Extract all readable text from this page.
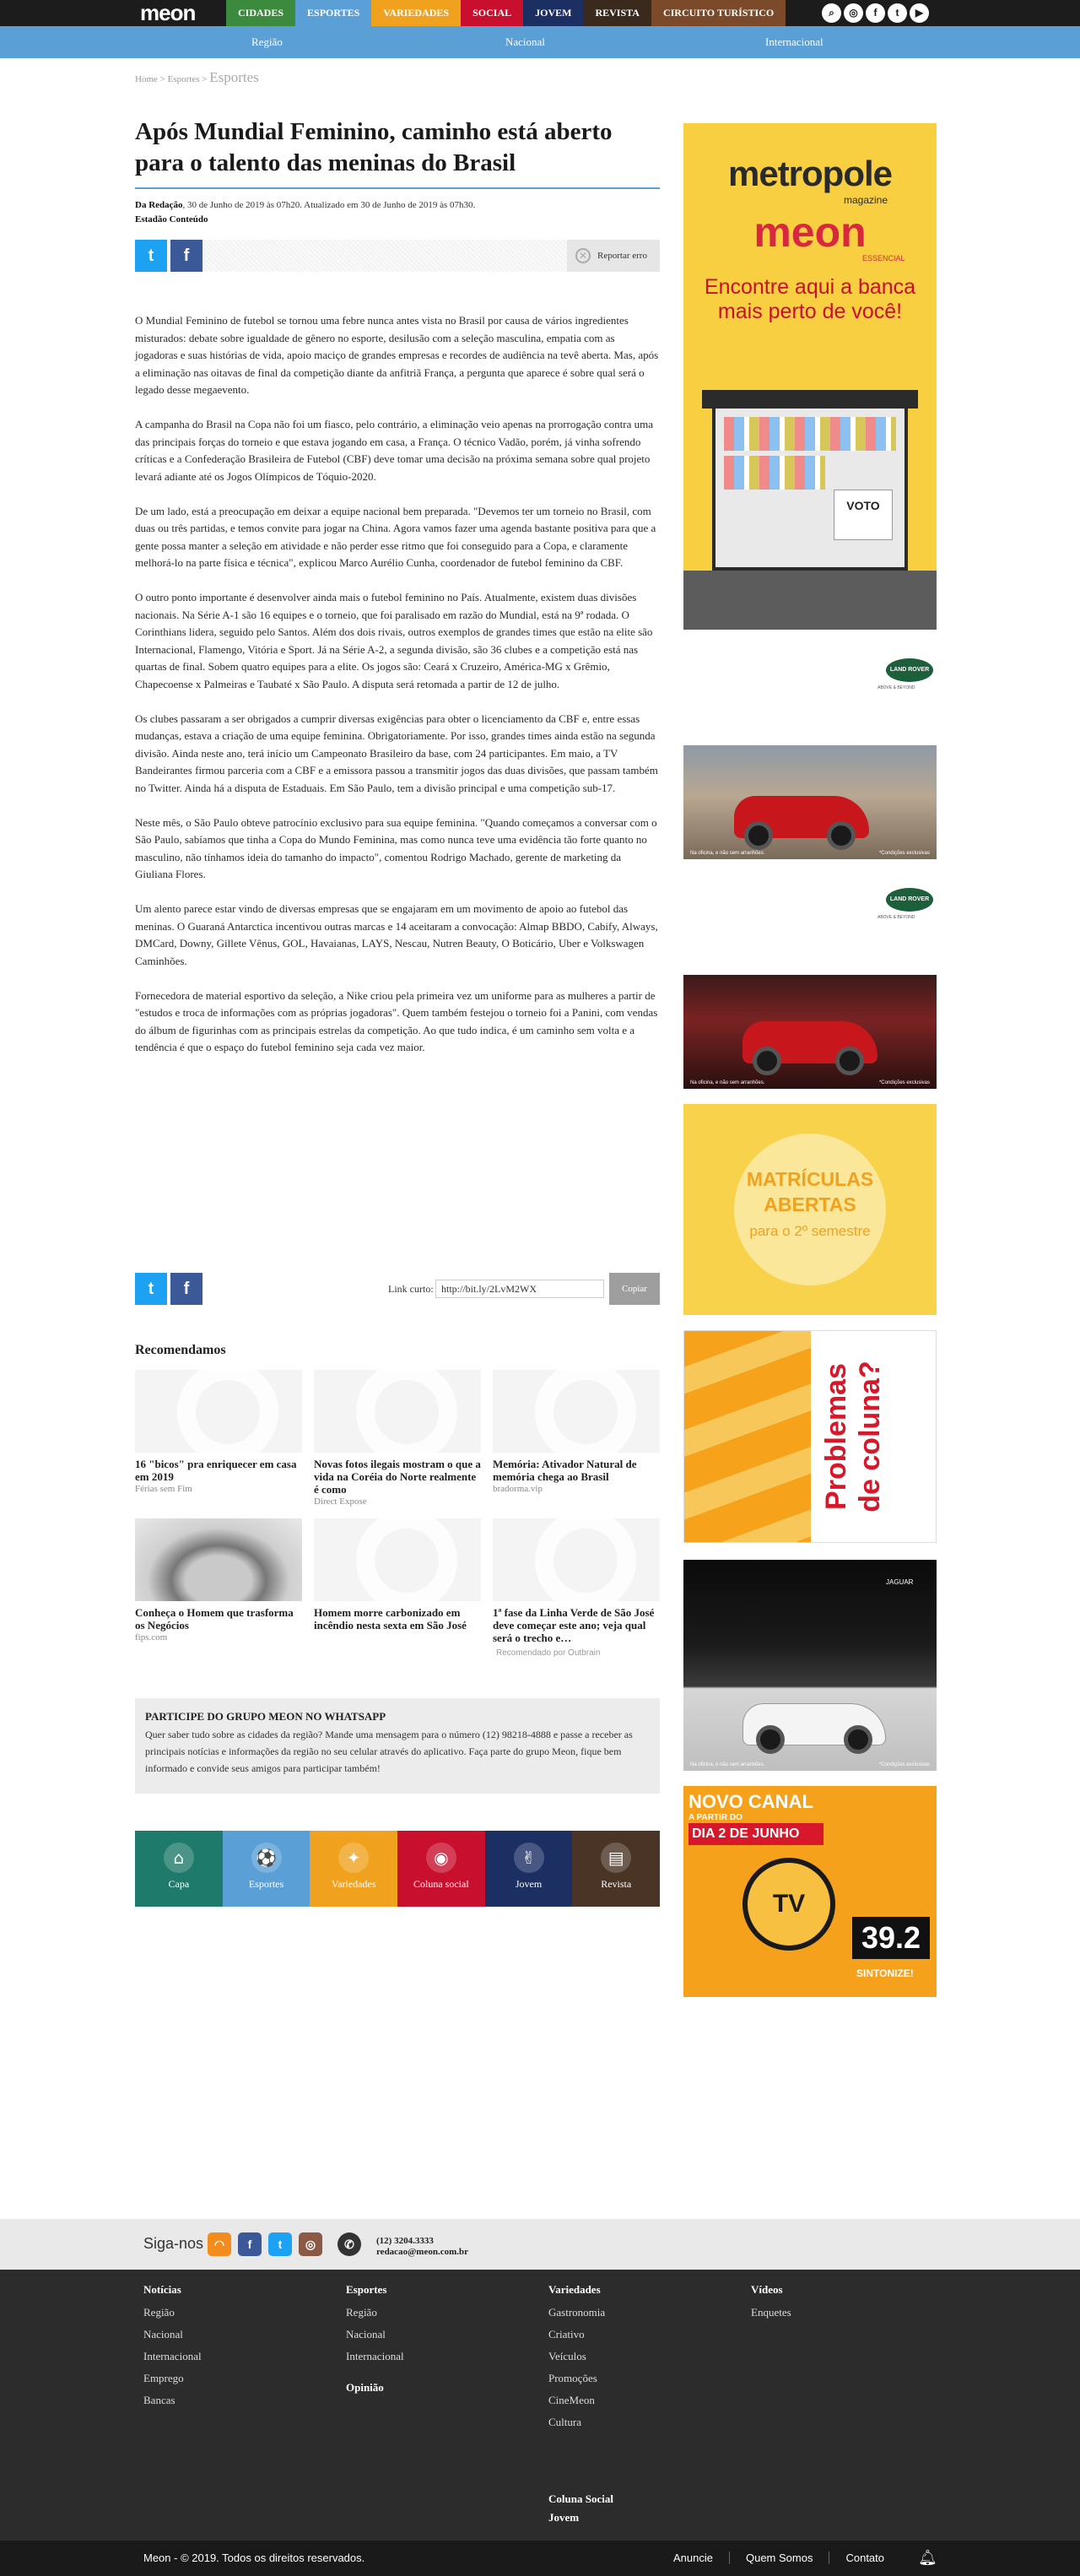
meon	CIDADES	ESPORTES	VARIEDADES	SOCIAL	JOVEM	REVISTA	CIRCUITO TURÍSTICO	⌕	◎	f	t	▶
Região	Nacional	Internacional
Home > Esportes > Esportes
Após Mundial Feminino, caminho está aberto para o talento das meninas do Brasil
Da Redação, 30 de Junho de 2019 às 07h20. Atualizado em 30 de Junho de 2019 às 07h30.
Estadão Conteúdo
t	f	✕	Reportar erro

O Mundial Feminino de futebol se tornou uma febre nunca antes vista no Brasil por causa de vários ingredientes misturados: debate sobre igualdade de gênero no esporte, desilusão com a seleção masculina, empatia com as jogadoras e suas histórias de vida, apoio maciço de grandes empresas e recordes de audiência na tevê aberta. Mas, após a eliminação nas oitavas de final da competição diante da anfitriã França, a pergunta que aparece é sobre qual será o legado desse megaevento.

A campanha do Brasil na Copa não foi um fiasco, pelo contrário, a eliminação veio apenas na prorrogação contra uma das principais forças do torneio e que estava jogando em casa, a França. O técnico Vadão, porém, já vinha sofrendo críticas e a Confederação Brasileira de Futebol (CBF) deve tomar uma decisão na próxima semana sobre qual projeto levará adiante até os Jogos Olímpicos de Tóquio-2020.

De um lado, está a preocupação em deixar a equipe nacional bem preparada. "Devemos ter um torneio no Brasil, com duas ou três partidas, e temos convite para jogar na China. Agora vamos fazer uma agenda bastante positiva para que a gente possa manter a seleção em atividade e não perder esse ritmo que foi conseguido para a Copa, e claramente melhorá-lo na parte física e técnica", explicou Marco Aurélio Cunha, coordenador de futebol feminino da CBF.

O outro ponto importante é desenvolver ainda mais o futebol feminino no País. Atualmente, existem duas divisões nacionais. Na Série A-1 são 16 equipes e o torneio, que foi paralisado em razão do Mundial, está na 9ª rodada. O Corinthians lidera, seguido pelo Santos. Além dos dois rivais, outros exemplos de grandes times que estão na elite são Internacional, Flamengo, Vitória e Sport. Já na Série A-2, a segunda divisão, são 36 clubes e a competição está nas quartas de final. Sobem quatro equipes para a elite. Os jogos são: Ceará x Cruzeiro, América-MG x Grêmio, Chapecoense x Palmeiras e Taubaté x São Paulo. A disputa será retomada a partir de 12 de julho.

Os clubes passaram a ser obrigados a cumprir diversas exigências para obter o licenciamento da CBF e, entre essas mudanças, estava a criação de uma equipe feminina. Obrigatoriamente. Por isso, grandes times ainda estão na segunda divisão. Ainda neste ano, terá início um Campeonato Brasileiro da base, com 24 participantes. Em maio, a TV Bandeirantes firmou parceria com a CBF e a emissora passou a transmitir jogos das duas divisões, que passam também no Twitter. Ainda há a disputa de Estaduais. Em São Paulo, tem a divisão principal e uma competição sub-17.

Neste mês, o São Paulo obteve patrocínio exclusivo para sua equipe feminina. "Quando começamos a conversar com o São Paulo, sabíamos que tinha a Copa do Mundo Feminina, mas como nunca teve uma evidência tão forte quanto no masculino, não tínhamos ideia do tamanho do impacto", comentou Rodrigo Machado, gerente de marketing da Giuliana Flores.

Um alento parece estar vindo de diversas empresas que se engajaram em um movimento de apoio ao futebol das meninas. O Guaraná Antarctica incentivou outras marcas e 14 aceitaram a convocação: Almap BBDO, Cabify, Always, DMCard, Downy, Gillete Vênus, GOL, Havaianas, LAYS, Nescau, Nutren Beauty, O Boticário, Uber e Volkswagen Caminhões.

Fornecedora de material esportivo da seleção, a Nike criou pela primeira vez um uniforme para as mulheres a partir de "estudos e troca de informações com as próprias jogadoras". Quem também festejou o torneio foi a Panini, com vendas do álbum de figurinhas com as principais estrelas da competição. Ao que tudo indica, é um caminho sem volta e a tendência é que o espaço do futebol feminino seja cada vez maior.

t	f	Link curto: http://bit.ly/2LvM2WX	Copiar
Recomendamos
Recomendado por Outbrain
16 "bicos" pra enriquecer em casa em 2019
Férias sem Fim
Novas fotos ilegais mostram o que a vida na Coréia do Norte realmente é como
Direct Expose
Memória: Ativador Natural de memória chega ao Brasil
bradorma.vip
Conheça o Homem que trasforma os Negócios
fips.com
Homem morre carbonizado em incêndio nesta sexta em São José
1ª fase da Linha Verde de São José deve começar este ano; veja qual será o trecho e…
PARTICIPE DO GRUPO MEON NO WHATSAPP

Quer saber tudo sobre as cidades da região? Mande uma mensagem para o número (12) 98218-4888 e passe a receber as principais notícias e informações da região no seu celular através do aplicativo. Faça parte do grupo Meon, fique bem informado e convide seus amigos para participar também!

⌂
Capa
⚽
Esportes
✦
Variedades
◉
Coluna social
✌
Jovem
▤
Revista
metropole
magazine
meon
ESSENCIAL
Encontre aqui a banca mais perto de você!
VOTO
LAND ROVER
ABOVE & BEYOND
Na oficina, e não sem arranhões.	*Condições exclusivas
LAND ROVER
ABOVE & BEYOND
Na oficina, e não sem arranhões.	*Condições exclusivas
MATRÍCULAS
ABERTAS
para o 2º semestre
Problemas de coluna?
JAGUAR
Na oficina, e não sem arranhões.	*Condições exclusivas
NOVO CANAL
A PARTIR DO
DIA 2 DE JUNHO
TV
39.2
SINTONIZE!
Siga-nos ◠	f	t	◎	✆	(12) 3204.3333
redacao@meon.com.br
Notícias
Região
Nacional
Internacional
Emprego
Bancas
Esportes
Região
Nacional
Internacional
Opinião
Variedades
Gastronomia
Criativo
Veículos
Promoções
CineMeon
Cultura
Coluna Social
Jovem
Vídeos
Enquetes
Meon - © 2019. Todos os direitos reservados.	Anuncie	Quem Somos	Contato	🔔︎
